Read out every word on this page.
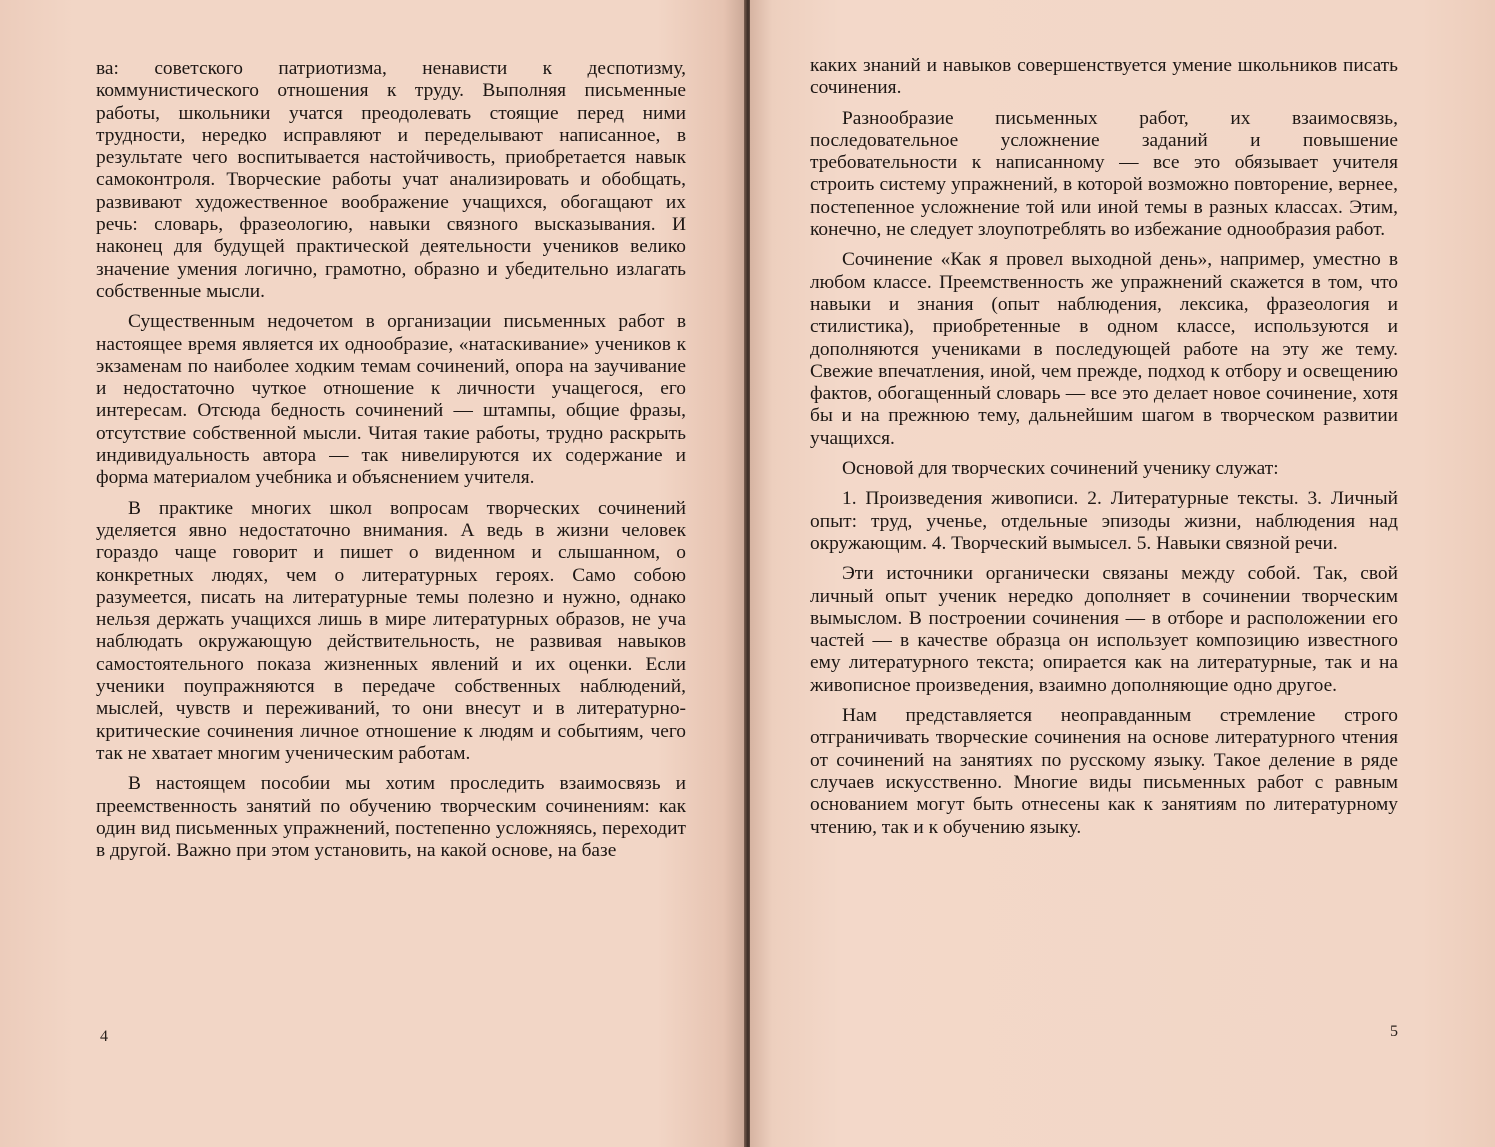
ва: советского патриотизма, ненависти к деспотизму, коммунистического отношения к труду. Выполняя письменные работы, школьники учатся преодолевать стоящие перед ними трудности, нередко исправляют и переделывают написанное, в результате чего воспитывается настойчивость, приобретается навык самоконтроля. Творческие работы учат анализировать и обобщать, развивают художественное воображение учащихся, обогащают их речь: словарь, фразеологию, навыки связного высказывания. И наконец для будущей практической деятельности учеников велико значение умения логично, грамотно, образно и убедительно излагать собственные мысли.

Существенным недочетом в организации письменных работ в настоящее время является их однообразие, «натаскивание» учеников к экзаменам по наиболее ходким темам сочинений, опора на заучивание и недостаточно чуткое отношение к личности учащегося, его интересам. Отсюда бедность сочинений — штампы, общие фразы, отсутствие собственной мысли. Читая такие работы, трудно раскрыть индивидуальность автора — так нивелируются их содержание и форма материалом учебника и объяснением учителя.

В практике многих школ вопросам творческих сочинений уделяется явно недостаточно внимания. А ведь в жизни человек гораздо чаще говорит и пишет о виденном и слышанном, о конкретных людях, чем о литературных героях. Само собою разумеется, писать на литературные темы полезно и нужно, однако нельзя держать учащихся лишь в мире литературных образов, не уча наблюдать окружающую действительность, не развивая навыков самостоятельного показа жизненных явлений и их оценки. Если ученики поупражняются в передаче собственных наблюдений, мыслей, чувств и переживаний, то они внесут и в литературно-критические сочинения личное отношение к людям и событиям, чего так не хватает многим ученическим работам.

В настоящем пособии мы хотим проследить взаимосвязь и преемственность занятий по обучению творческим сочинениям: как один вид письменных упражнений, постепенно усложняясь, переходит в другой. Важно при этом установить, на какой основе, на базе

4

каких знаний и навыков совершенствуется умение школьников писать сочинения.

Разнообразие письменных работ, их взаимосвязь, последовательное усложнение заданий и повышение требовательности к написанному — все это обязывает учителя строить систему упражнений, в которой возможно повторение, вернее, постепенное усложнение той или иной темы в разных классах. Этим, конечно, не следует злоупотреблять во избежание однообразия работ.

Сочинение «Как я провел выходной день», например, уместно в любом классе. Преемственность же упражнений скажется в том, что навыки и знания (опыт наблюдения, лексика, фразеология и стилистика), приобретенные в одном классе, используются и дополняются учениками в последующей работе на эту же тему. Свежие впечатления, иной, чем прежде, подход к отбору и освещению фактов, обогащенный словарь — все это делает новое сочинение, хотя бы и на прежнюю тему, дальнейшим шагом в творческом развитии учащихся.

Основой для творческих сочинений ученику служат:

1. Произведения живописи. 2. Литературные тексты. 3. Личный опыт: труд, ученье, отдельные эпизоды жизни, наблюдения над окружающим. 4. Творческий вымысел. 5. Навыки связной речи.

Эти источники органически связаны между собой. Так, свой личный опыт ученик нередко дополняет в сочинении творческим вымыслом. В построении сочинения — в отборе и расположении его частей — в качестве образца он использует композицию известного ему литературного текста; опирается как на литературные, так и на живописное произведения, взаимно дополняющие одно другое.

Нам представляется неоправданным стремление строго отграничивать творческие сочинения на основе литературного чтения от сочинений на занятиях по русскому языку. Такое деление в ряде случаев искусственно. Многие виды письменных работ с равным основанием могут быть отнесены как к занятиям по литературному чтению, так и к обучению языку.

5
